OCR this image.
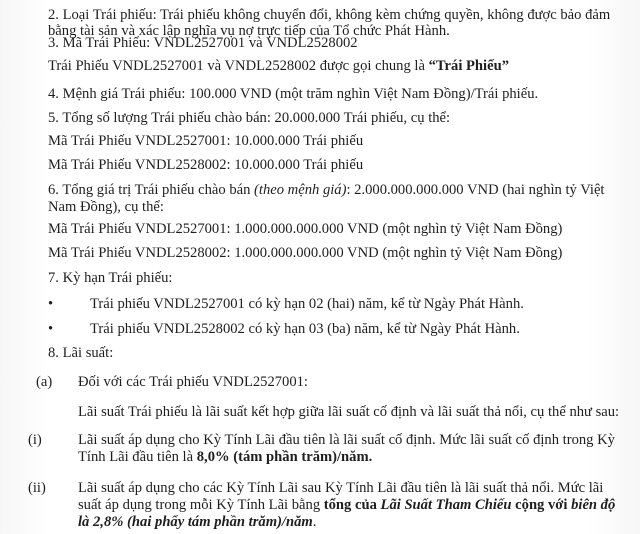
2. Loại Trái phiếu: Trái phiếu không chuyển đổi, không kèm chứng quyền, không được bảo đảm
bằng tài sản và xác lập nghĩa vụ nợ trực tiếp của Tổ chức Phát Hành.
3. Mã Trái Phiếu: VNDL2527001 và VNDL2528002
Trái Phiếu VNDL2527001 và VNDL2528002 được gọi chung là “Trái Phiếu”
4. Mệnh giá Trái phiếu: 100.000 VND (một trăm nghìn Việt Nam Đồng)/Trái phiếu.
5. Tổng số lượng Trái phiếu chào bán: 20.000.000 Trái phiếu, cụ thể:
Mã Trái Phiếu VNDL2527001: 10.000.000 Trái phiếu
Mã Trái Phiếu VNDL2528002: 10.000.000 Trái phiếu
6. Tổng giá trị Trái phiếu chào bán (theo mệnh giá): 2.000.000.000.000 VND (hai nghìn tỷ Việt
Nam Đồng), cụ thể:
Mã Trái Phiếu VNDL2527001: 1.000.000.000.000 VND (một nghìn tỷ Việt Nam Đồng)
Mã Trái Phiếu VNDL2528002: 1.000.000.000.000 VND (một nghìn tỷ Việt Nam Đồng)
7. Kỳ hạn Trái phiếu:
•	Trái phiếu VNDL2527001 có kỳ hạn 02 (hai) năm, kể từ Ngày Phát Hành.
•	Trái phiếu VNDL2528002 có kỳ hạn 03 (ba) năm, kể từ Ngày Phát Hành.
8. Lãi suất:
(a) Đối với các Trái phiếu VNDL2527001:
Lãi suất Trái phiếu là lãi suất kết hợp giữa lãi suất cố định và lãi suất thả nổi, cụ thể như sau:
(i) Lãi suất áp dụng cho Kỳ Tính Lãi đầu tiên là lãi suất cố định. Mức lãi suất cố định trong Kỳ
Tính Lãi đầu tiên là 8,0% (tám phần trăm)/năm.
(ii) Lãi suất áp dụng cho các Kỳ Tính Lãi sau Kỳ Tính Lãi đầu tiên là lãi suất thả nổi. Mức lãi
suất áp dụng trong mỗi Kỳ Tính Lãi bằng tổng của Lãi Suất Tham Chiếu cộng với biên độ
là 2,8% (hai phẩy tám phần trăm)/năm.
